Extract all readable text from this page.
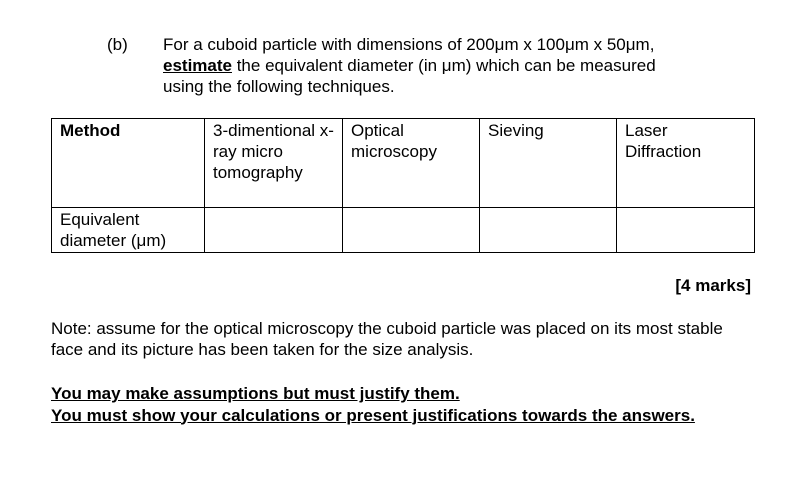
(b) For a cuboid particle with dimensions of 200μm x 100μm x 50μm,
estimate the equivalent diameter (in μm) which can be measured
using the following techniques.
Method	3-dimentional x-ray micro tomography	Optical microscopy	Sieving	Laser Diffraction
Equivalent diameter (μm)				
[4 marks]
Note: assume for the optical microscopy the cuboid particle was placed on its most stable face and its picture has been taken for the size analysis.
You may make assumptions but must justify them.
You must show your calculations or present justifications towards the answers.
